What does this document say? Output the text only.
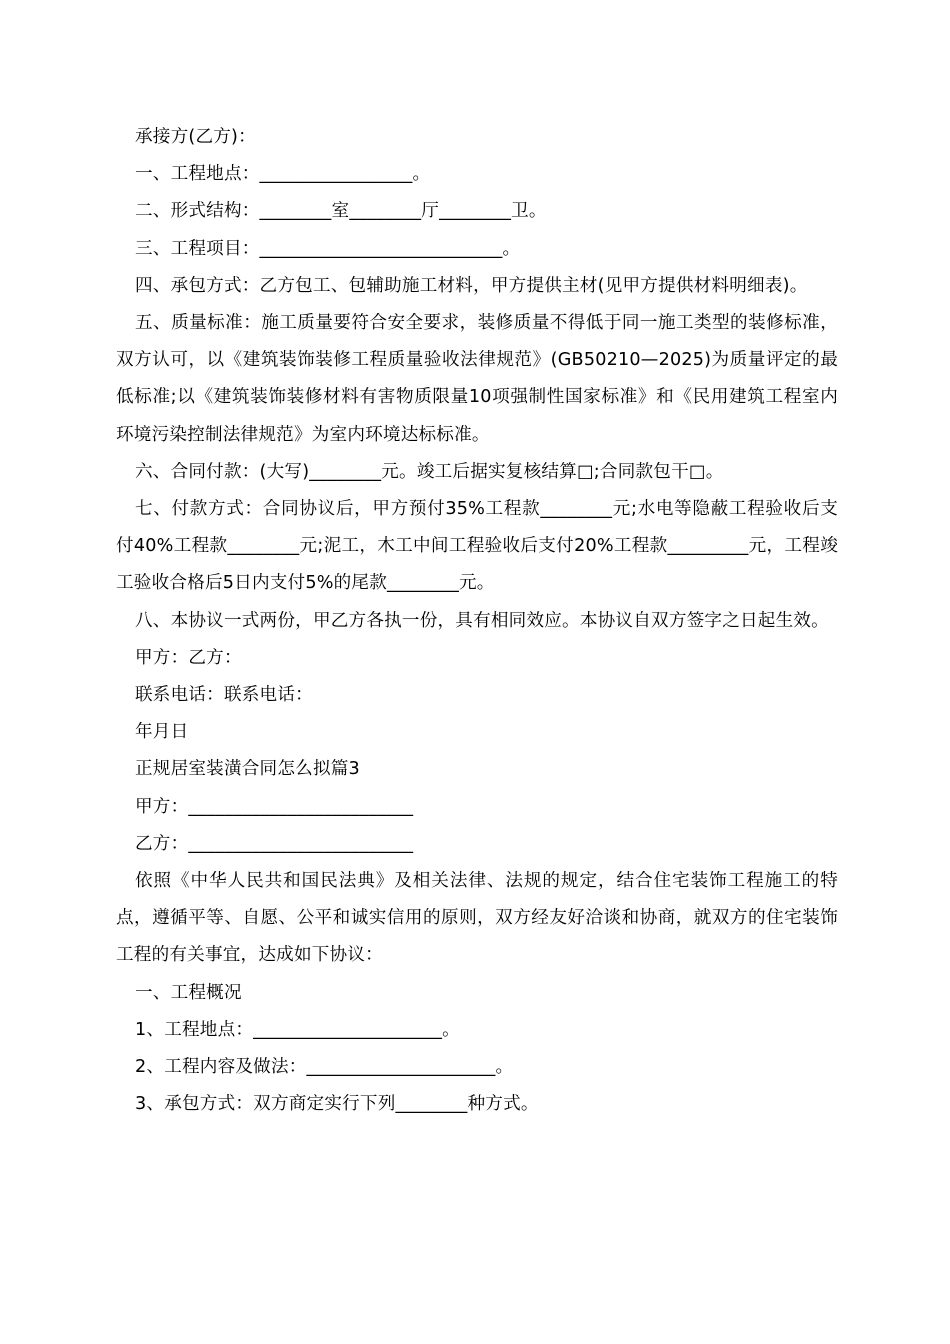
承接方(乙方)：

一、工程地点：_________________。

二、形式结构：________室________厅________卫。

三、工程项目：___________________________。

四、承包方式：乙方包工、包辅助施工材料，甲方提供主材(见甲方提供材料明细表)。

五、质量标准：施工质量要符合安全要求，装修质量不得低于同一施工类型的装修标准，双方认可，以《建筑装饰装修工程质量验收法律规范》(GB50210—2025)为质量评定的最低标准;以《建筑装饰装修材料有害物质限量10项强制性国家标准》和《民用建筑工程室内环境污染控制法律规范》为室内环境达标标准。

六、合同付款：(大写)________元。竣工后据实复核结算□;合同款包干□。

七、付款方式：合同协议后，甲方预付35%工程款________元;水电等隐蔽工程验收后支付40%工程款________元;泥工，木工中间工程验收后支付20%工程款_________元，工程竣工验收合格后5日内支付5%的尾款________元。

八、本协议一式两份，甲乙方各执一份，具有相同效应。本协议自双方签字之日起生效。

甲方：乙方：

联系电话：联系电话：

年月日

正规居室装潢合同怎么拟篇3

甲方：_________________________

乙方：_________________________

依照《中华人民共和国民法典》及相关法律、法规的规定，结合住宅装饰工程施工的特点，遵循平等、自愿、公平和诚实信用的原则，双方经友好洽谈和协商，就双方的住宅装饰工程的有关事宜，达成如下协议：

一、工程概况

1、工程地点：_____________________。

2、工程内容及做法：_____________________。

3、承包方式：双方商定实行下列________种方式。
